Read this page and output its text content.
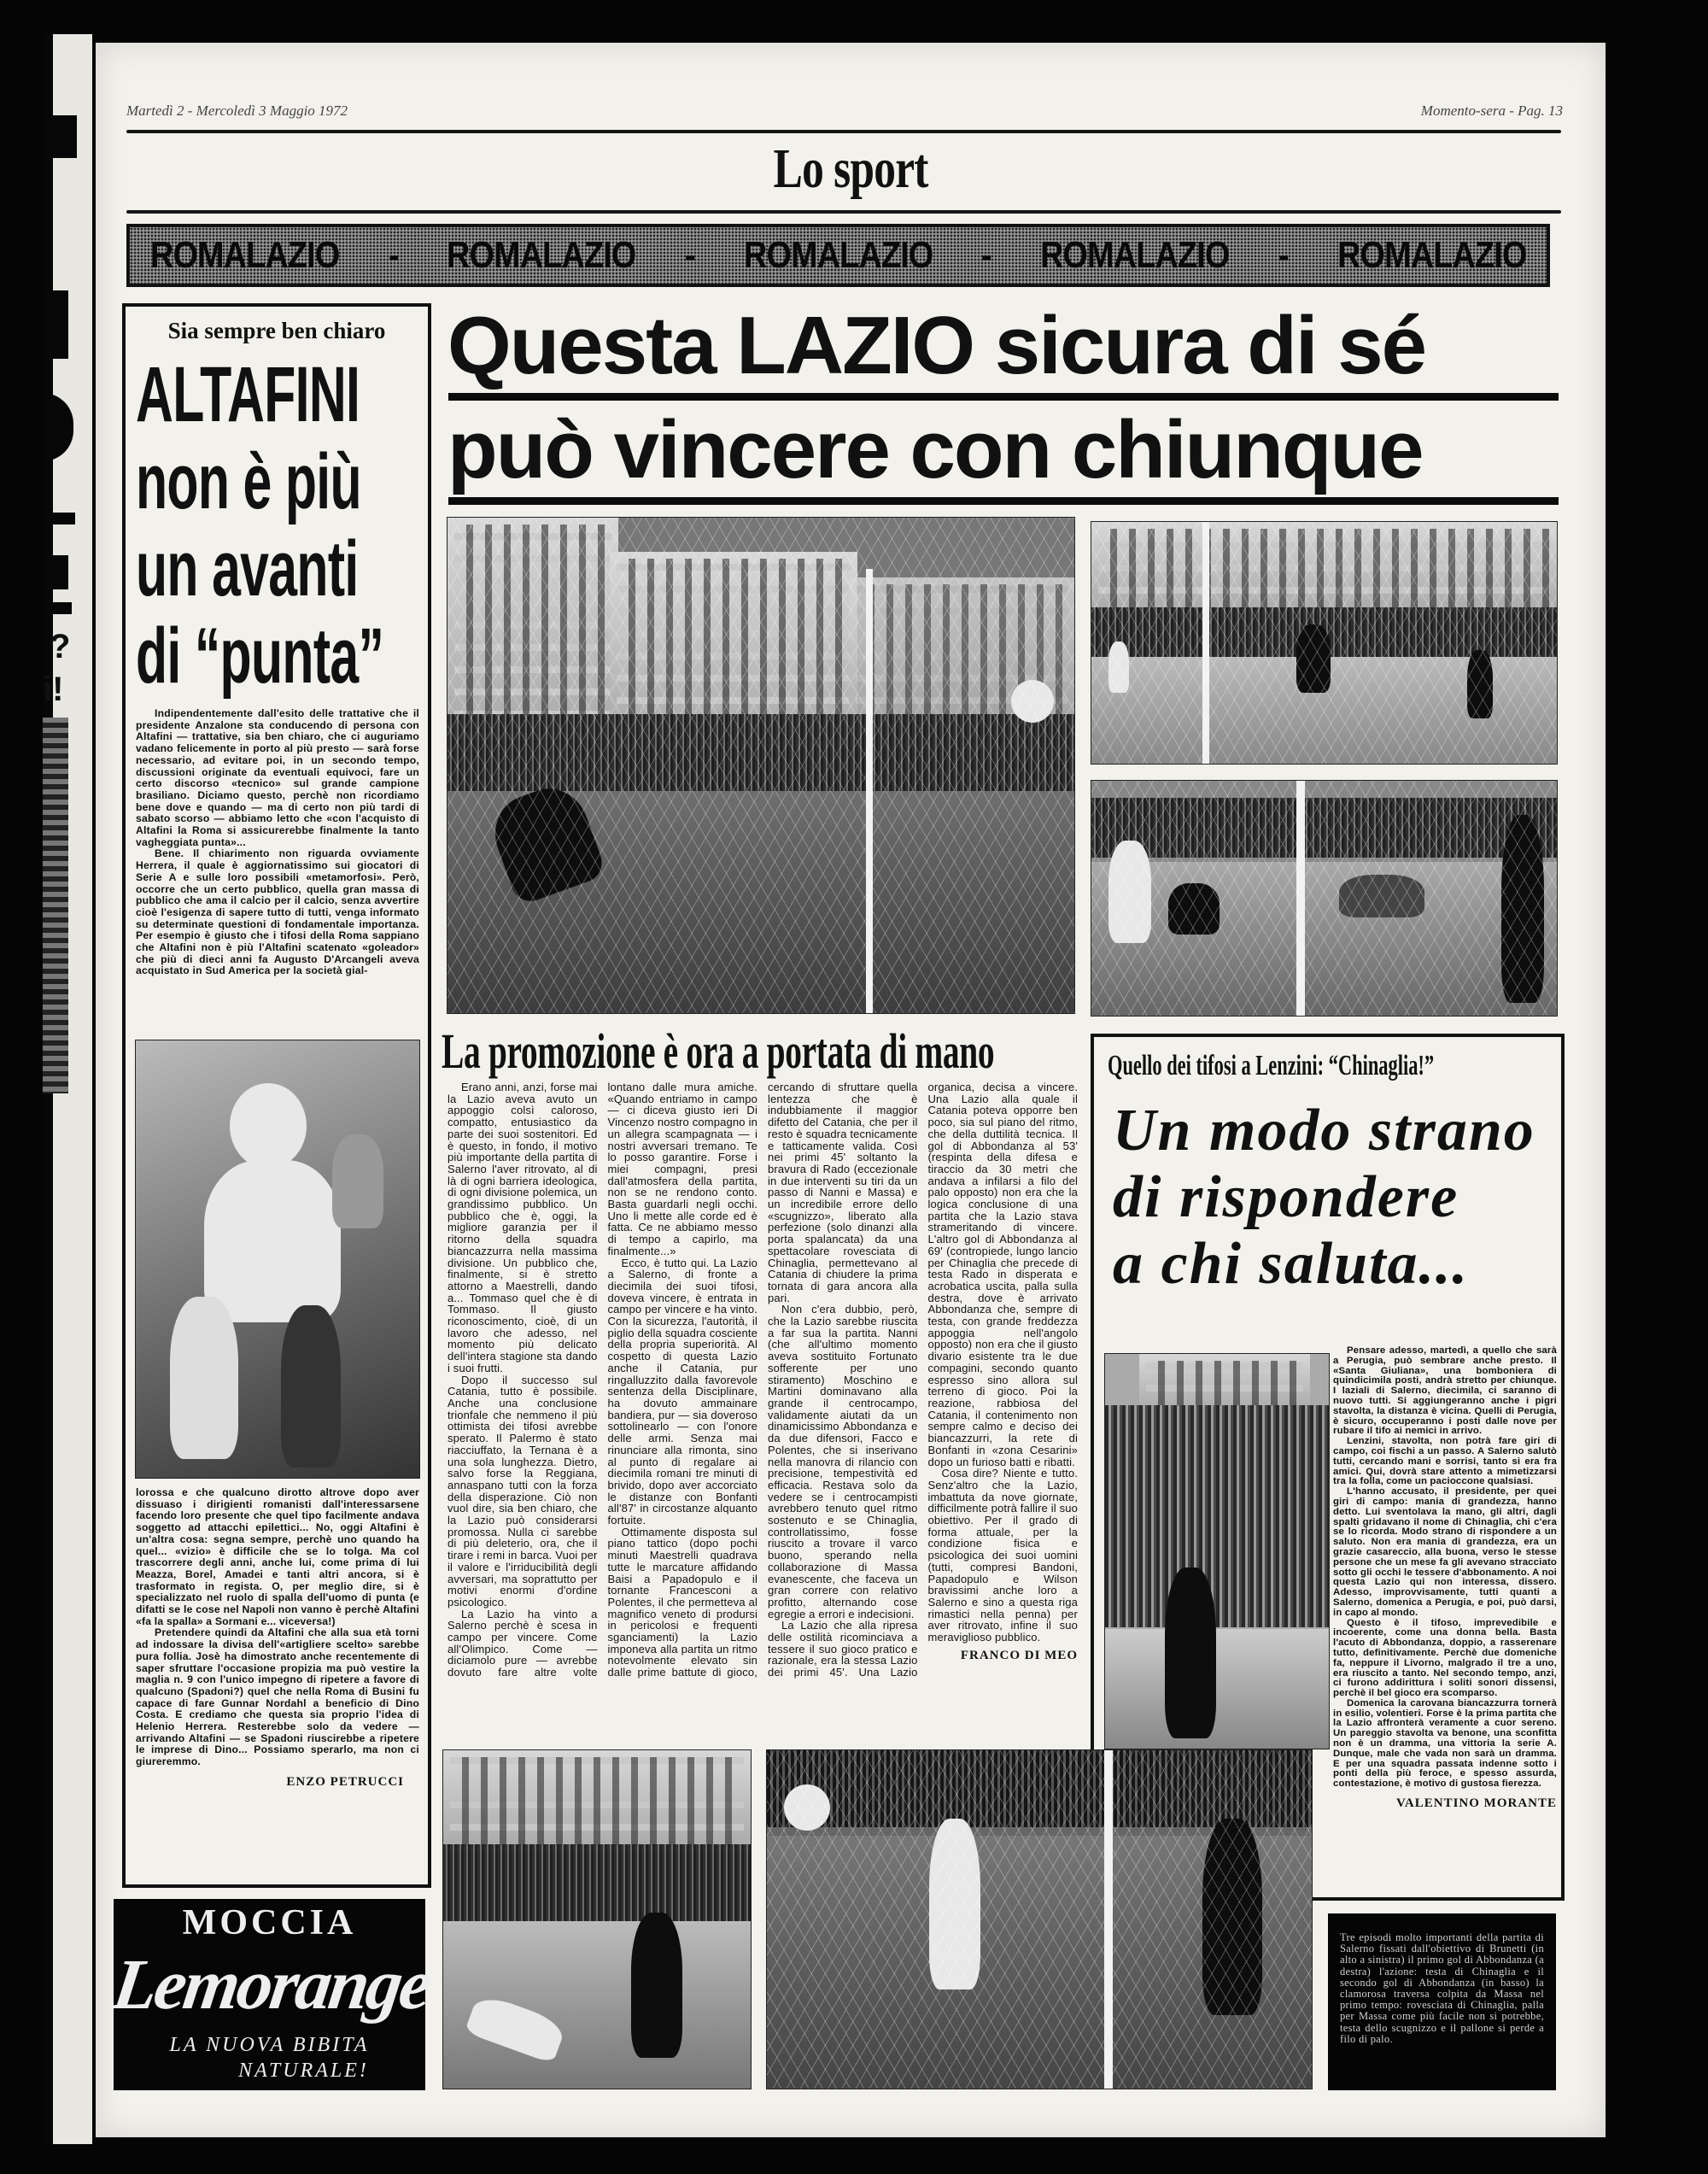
?
i!
Martedì 2 - Mercoledì 3 Maggio 1972	Momento-sera - Pag. 13
Lo sport
ROMALAZIO - ROMALAZIO - ROMALAZIO - ROMALAZIO - ROMALAZIO
Sia sempre ben chiaro
ALTAFINI
non è più
un avanti
di “punta”

Indipendentemente dall'esito delle trattative che il presidente Anzalone sta conducendo di persona con Altafini — trattative, sia ben chiaro, che ci auguriamo vadano felicemente in porto al più presto — sarà forse necessario, ad evitare poi, in un secondo tempo, discussioni originate da eventuali equivoci, fare un certo discorso «tecnico» sul grande campione brasiliano. Diciamo questo, perchè non ricordiamo bene dove e quando — ma di certo non più tardi di sabato scorso — abbiamo letto che «con l'acquisto di Altafini la Roma si assicurerebbe finalmente la tanto vagheggiata punta»...

Bene. Il chiarimento non riguarda ovviamente Herrera, il quale è aggiornatissimo sui giocatori di Serie A e sulle loro possibili «metamorfosi». Però, occorre che un certo pubblico, quella gran massa di pubblico che ama il calcio per il calcio, senza avvertire cioè l'esigenza di sapere tutto di tutti, venga informato su determinate questioni di fondamentale importanza. Per esempio è giusto che i tifosi della Roma sappiano che Altafini non è più l'Altafini scatenato «goleador» che più di dieci anni fa Augusto D'Arcangeli aveva acquistato in Sud America per la società gial-

lorossa e che qualcuno dirotto altrove dopo aver dissuaso i dirigienti romanisti dall'interessarsene facendo loro presente che quel tipo facilmente andava soggetto ad attacchi epilettici... No, oggi Altafini è un'altra cosa: segna sempre, perchè uno quando ha quel... «vizio» è difficile che se lo tolga. Ma col trascorrere degli anni, anche lui, come prima di lui Meazza, Borel, Amadei e tanti altri ancora, si è trasformato in regista. O, per meglio dire, si è specializzato nel ruolo di spalla dell'uomo di punta (e difatti se le cose nel Napoli non vanno è perchè Altafini «fa la spalla» a Sormani e... viceversa!)

Pretendere quindi da Altafini che alla sua età torni ad indossare la divisa dell'«artigliere scelto» sarebbe pura follia. Josè ha dimostrato anche recentemente di saper sfruttare l'occasione propizia ma può vestire la maglia n. 9 con l'unico impegno di ripetere a favore di qualcuno (Spadoni?) quel che nella Roma di Busini fu capace di fare Gunnar Nordahl a beneficio di Dino Costa. E crediamo che questa sia proprio l'idea di Helenio Herrera. Resterebbe solo da vedere — arrivando Altafini — se Spadoni riuscirebbe a ripetere le imprese di Dino... Possiamo sperarlo, ma non ci giureremmo.

ENZO PETRUCCI
MOCCIA
Lemorange
LA NUOVA BIBITA
NATURALE!
Questa LAZIO sicura di sé
può vincere con chiunque
La promozione è ora a portata di mano

Erano anni, anzi, forse mai la Lazio aveva avuto un appoggio colsì caloroso, compatto, entusiastico da parte dei suoi sostenitori. Ed è questo, in fondo, il motivo più importante della partita di Salerno l'aver ritrovato, al di là di ogni barriera ideologica, di ogni divisione polemica, un grandissimo pubblico. Un pubblico che è, oggi, la migliore garanzia per il ritorno della squadra biancazzurra nella massima divisione. Un pubblico che, finalmente, si è stretto attorno a Maestrelli, dando a... Tommaso quel che è di Tommaso. Il giusto riconoscimento, cioè, di un lavoro che adesso, nel momento più delicato dell'intera stagione sta dando i suoi frutti.

Dopo il successo sul Catania, tutto è possibile. Anche una conclusione trionfale che nemmeno il più ottimista dei tifosi avrebbe sperato. Il Palermo è stato riacciuffato, la Ternana è a una sola lunghezza. Dietro, salvo forse la Reggiana, annaspano tutti con la forza della disperazione. Ciò non vuol dire, sia ben chiaro, che la Lazio può considerarsi promossa. Nulla ci sarebbe di più deleterio, ora, che il tirare i remi in barca. Vuoi per il valore e l'irriducibilità degli avversari, ma soprattutto per motivi enormi d'ordine psicologico.

La Lazio ha vinto a Salerno perchè è scesa in campo per vincere. Come all'Olimpico. Come — diciamolo pure — avrebbe dovuto fare altre volte lontano dalle mura amiche. «Quando entriamo in campo — ci diceva giusto ieri Di Vincenzo nostro compagno in un allegra scampagnata — i nostri avversari tremano. Te lo posso garantire. Forse i miei compagni, presi dall'atmosfera della partita, non se ne rendono conto. Basta guardarli negli occhi. Uno li mette alle corde ed è fatta. Ce ne abbiamo messo di tempo a capirlo, ma finalmente...»

Ecco, è tutto qui. La Lazio a Salerno, di fronte a diecimila dei suoi tifosi, doveva vincere, è entrata in campo per vincere e ha vinto. Con la sicurezza, l'autorità, il piglio della squadra cosciente della propria superiorità. Al cospetto di questa Lazio anche il Catania, pur ringalluzzito dalla favorevole sentenza della Disciplinare, ha dovuto ammainare bandiera, pur — sia doveroso sottolinearlo — con l'onore delle armi. Senza mai rinunciare alla rimonta, sino al punto di regalare ai diecimila romani tre minuti di brivido, dopo aver accorciato le distanze con Bonfanti all'87' in circostanze alquanto fortuite.

Ottimamente disposta sul piano tattico (dopo pochi minuti Maestrelli quadrava tutte le marcature affidando Baisi a Papadopulo e il tornante Francesconi a Polentes, il che permetteva al magnifico veneto di prodursi in pericolosi e frequenti sganciamenti) la Lazio imponeva alla partita un ritmo notevolmente elevato sin dalle prime battute di gioco, cercando di sfruttare quella lentezza che è indubbiamente il maggior difetto del Catania, che per il resto è squadra tecnicamente e tatticamente valida. Così nei primi 45' soltanto la bravura di Rado (eccezionale in due interventi su tiri da un passo di Nanni e Massa) e un incredibile errore dello «scugnizzo», liberato alla perfezione (solo dinanzi alla porta spalancata) da una spettacolare rovesciata di Chinaglia, permettevano al Catania di chiudere la prima tornata di gara ancora alla pari.

Non c'era dubbio, però, che la Lazio sarebbe riuscita a far sua la partita. Nanni (che all'ultimo momento aveva sostituito Fortunato sofferente per uno stiramento) Moschino e Martini dominavano alla grande il centrocampo, validamente aiutati da un dinamicissimo Abbondanza e da due difensori, Facco e Polentes, che si inserivano nella manovra di rilancio con precisione, tempestività ed efficacia. Restava solo da vedere se i centrocampisti avrebbero tenuto quel ritmo sostenuto e se Chinaglia, controllatissimo, fosse riuscito a trovare il varco buono, sperando nella collaborazione di Massa evanescente, che faceva un gran correre con relativo profitto, alternando cose egregie a errori e indecisioni.

La Lazio che alla ripresa delle ostilità ricominciava a tessere il suo gioco pratico e razionale, era la stessa Lazio dei primi 45'. Una Lazio organica, decisa a vincere. Una Lazio alla quale il Catania poteva opporre ben poco, sia sul piano del ritmo, che della duttilità tecnica. Il gol di Abbondanza al 53' (respinta della difesa e tiraccio da 30 metri che andava a infilarsi a filo del palo opposto) non era che la logica conclusione di una partita che la Lazio stava strameritando di vincere. L'altro gol di Abbondanza al 69' (contropiede, lungo lancio per Chinaglia che precede di testa Rado in disperata e acrobatica uscita, palla sulla destra, dove è arrivato Abbondanza che, sempre di testa, con grande freddezza appoggia nell'angolo opposto) non era che il giusto divario esistente tra le due compagini, secondo quanto espresso sino allora sul terreno di gioco. Poi la reazione, rabbiosa del Catania, il contenimento non sempre calmo e deciso dei biancazzurri, la rete di Bonfanti in «zona Cesarini» dopo un furioso batti e ribatti.

Cosa dire? Niente e tutto. Senz'altro che la Lazio, imbattuta da nove giornate, difficilmente potrà fallire il suo obiettivo. Per il grado di forma attuale, per la condizione fisica e psicologica dei suoi uomini (tutti, compresi Bandoni, Papadopulo e Wilson bravissimi anche loro a Salerno e sino a questa riga rimastici nella penna) per aver ritrovato, infine il suo meraviglioso pubblico.

FRANCO DI MEO

Quello dei tifosi a Lenzini: “Chinaglia!”
Un modo strano
di rispondere
a chi saluta...

Pensare adesso, martedì, a quello che sarà a Perugia, può sembrare anche presto. Il «Santa Giuliana», una bomboniera di quindicimila posti, andrà stretto per chiunque. I laziali di Salerno, diecimila, ci saranno di nuovo tutti. Si aggiungeranno anche i pigri stavolta, la distanza è vicina. Quelli di Perugia, è sicuro, occuperanno i posti dalle nove per rubare il tifo ai nemici in arrivo.

Lenzini, stavolta, non potrà fare giri di campo, coi fischi a un passo. A Salerno salutò tutti, cercando mani e sorrisi, tanto si era fra amici. Qui, dovrà stare attento a mimetizzarsi tra la folla, come un pacioccone qualsiasi.

L'hanno accusato, il presidente, per quei giri di campo: mania di grandezza, hanno detto. Lui sventolava la mano, gli altri, dagli spalti gridavano il nome di Chinaglia, chi c'era se lo ricorda. Modo strano di rispondere a un saluto. Non era mania di grandezza, era un grazie casareccio, alla buona, verso le stesse persone che un mese fa gli avevano stracciato sotto gli occhi le tessere d'abbonamento. A noi questa Lazio qui non interessa, dissero. Adesso, improvvisamente, tutti quanti a Salerno, domenica a Perugia, e poi, può darsi, in capo al mondo.

Questo è il tifoso, imprevedibile e incoerente, come una donna bella. Basta l'acuto di Abbondanza, doppio, a rasserenare tutto, definitivamente. Perchè due domeniche fa, neppure il Livorno, malgrado il tre a uno, era riuscito a tanto. Nel secondo tempo, anzi, ci furono addirittura i soliti sonori dissensi, perchè il bel gioco era scomparso.

Domenica la carovana biancazzurra tornerà in esilio, volentieri. Forse è la prima partita che la Lazio affronterà veramente a cuor sereno. Un pareggio stavolta va benone, una sconfitta non è un dramma, una vittoria la serie A. Dunque, male che vada non sarà un dramma. E per una squadra passata indenne sotto i ponti della più feroce, e spesso assurda, contestazione, è motivo di gustosa fierezza.

VALENTINO MORANTE

Tre episodi molto importanti della partita di Salerno fissati dall'obiettivo di Brunetti (in alto a sinistra) il primo gol di Abbondanza (a destra) l'azione: testa di Chinaglia e il secondo gol di Abbondanza (in basso) la clamorosa traversa colpita da Massa nel primo tempo: rovesciata di Chinaglia, palla per Massa come più facile non si potrebbe, testa dello scugnizzo e il pallone si perde a filo di palo.
